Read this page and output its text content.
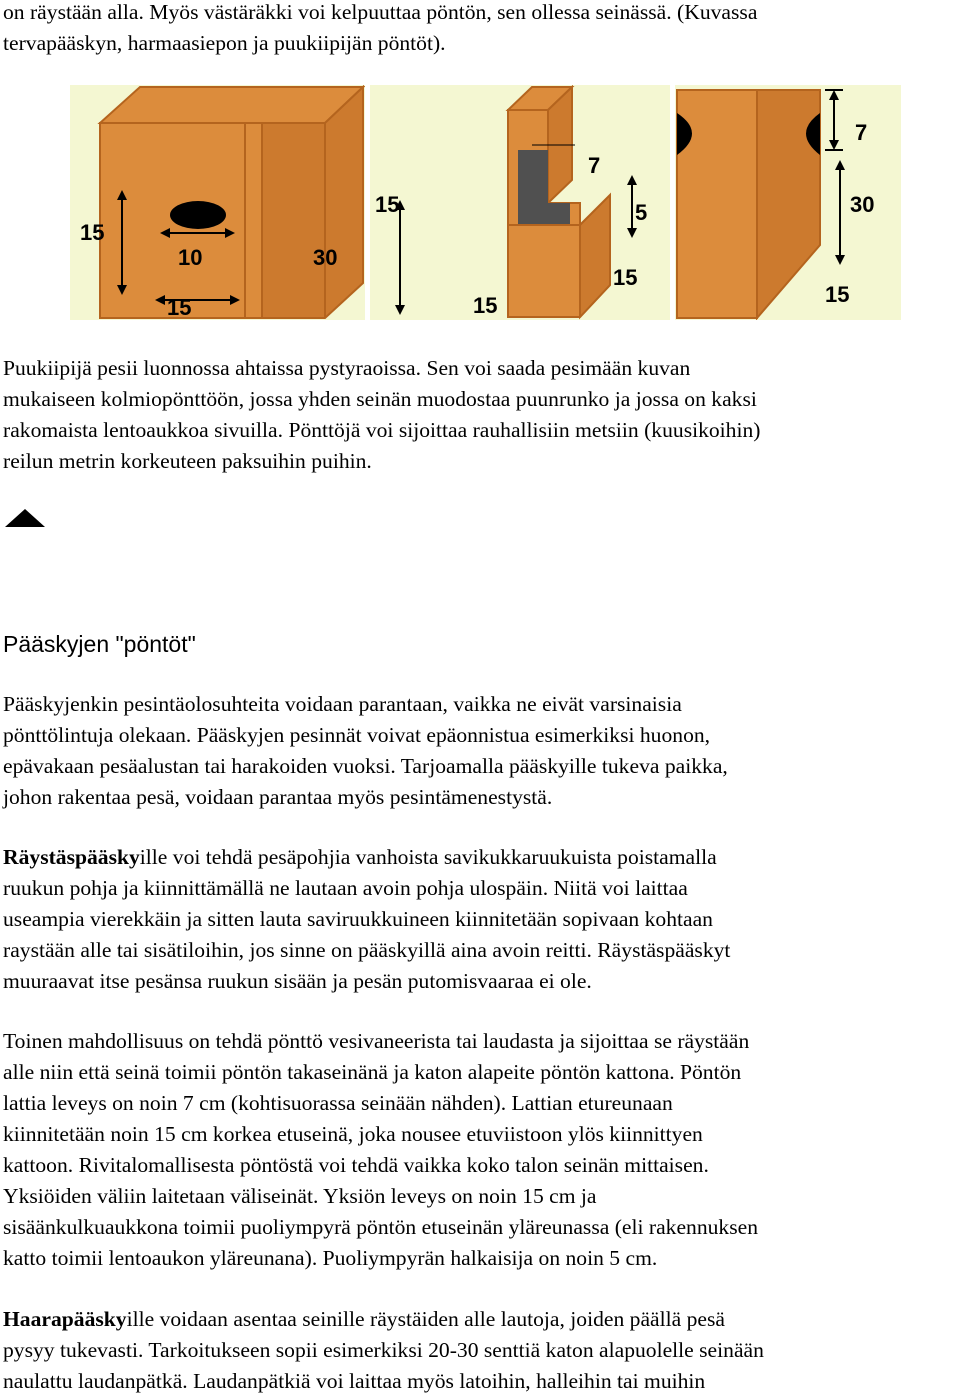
on räystään alla. Myös västäräkki voi kelpuuttaa pöntön, sen ollessa seinässä. (Kuvassa
tervapääskyn, harmaasiepon ja puukiipijän pöntöt).

15
10	30
15
15
7
5
15
15
7
30
15

Puukiipijä pesii luonnossa ahtaissa pystyraoissa. Sen voi saada pesimään kuvan
mukaiseen kolmiopönttöön, jossa yhden seinän muodostaa puunrunko ja jossa on kaksi
rakomaista lentoaukkoa sivuilla. Pönttöjä voi sijoittaa rauhallisiin metsiin (kuusikoihin)
reilun metrin korkeuteen paksuihin puihin.

Pääskyjen "pöntöt"

Pääskyjenkin pesintäolosuhteita voidaan parantaan, vaikka ne eivät varsinaisia
pönttölintuja olekaan. Pääskyjen pesinnät voivat epäonnistua esimerkiksi huonon,
epävakaan pesäalustan tai harakoiden vuoksi. Tarjoamalla pääskyille tukeva paikka,
johon rakentaa pesä, voidaan parantaa myös pesintämenestystä.

Räystäspääskyille voi tehdä pesäpohjia vanhoista savikukkaruukuista poistamalla
ruukun pohja ja kiinnittämällä ne lautaan avoin pohja ulospäin. Niitä voi laittaa
useampia vierekkäin ja sitten lauta saviruukkuineen kiinnitetään sopivaan kohtaan
raystään alle tai sisätiloihin, jos sinne on pääskyillä aina avoin reitti. Räystäspääskyt
muuraavat itse pesänsa ruukun sisään ja pesän putomisvaaraa ei ole.

Toinen mahdollisuus on tehdä pönttö vesivaneerista tai laudasta ja sijoittaa se räystään
alle niin että seinä toimii pöntön takaseinänä ja katon alapeite pöntön kattona. Pöntön
lattia leveys on noin 7 cm (kohtisuorassa seinään nähden). Lattian etureunaan
kiinnitetään noin 15 cm korkea etuseinä, joka nousee etuviistoon ylös kiinnittyen
kattoon. Rivitalomallisesta pöntöstä voi tehdä vaikka koko talon seinän mittaisen.
Yksiöiden väliin laitetaan väliseinät. Yksiön leveys on noin 15 cm ja
sisäänkulkuaukkona toimii puoliympyrä pöntön etuseinän yläreunassa (eli rakennuksen
katto toimii lentoaukon yläreunana). Puoliympyrän halkaisija on noin 5 cm.

Haarapääskyille voidaan asentaa seinille räystäiden alle lautoja, joiden päällä pesä
pysyy tukevasti. Tarkoitukseen sopii esimerkiksi 20-30 senttiä katon alapuolelle seinään
naulattu laudanpätkä. Laudanpätkiä voi laittaa myös latoihin, halleihin tai muihin
